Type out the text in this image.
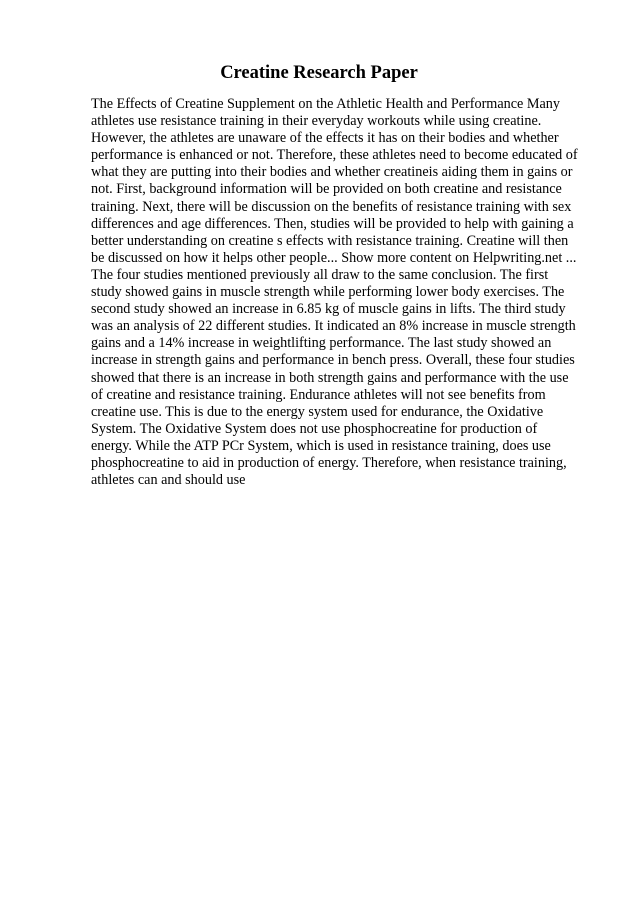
Creatine Research Paper
The Effects of Creatine Supplement on the Athletic Health and Performance Many
athletes use resistance training in their everyday workouts while using creatine.
However, the athletes are unaware of the effects it has on their bodies and whether
performance is enhanced or not. Therefore, these athletes need to become educated of
what they are putting into their bodies and whether creatineis aiding them in gains or
not. First, background information will be provided on both creatine and resistance
training. Next, there will be discussion on the benefits of resistance training with sex
differences and age differences. Then, studies will be provided to help with gaining a
better understanding on creatine s effects with resistance training. Creatine will then
be discussed on how it helps other people... Show more content on Helpwriting.net ...
The four studies mentioned previously all draw to the same conclusion. The first
study showed gains in muscle strength while performing lower body exercises. The
second study showed an increase in 6.85 kg of muscle gains in lifts. The third study
was an analysis of 22 different studies. It indicated an 8% increase in muscle strength
gains and a 14% increase in weightlifting performance. The last study showed an
increase in strength gains and performance in bench press. Overall, these four studies
showed that there is an increase in both strength gains and performance with the use
of creatine and resistance training. Endurance athletes will not see benefits from
creatine use. This is due to the energy system used for endurance, the Oxidative
System. The Oxidative System does not use phosphocreatine for production of
energy. While the ATP PCr System, which is used in resistance training, does use
phosphocreatine to aid in production of energy. Therefore, when resistance training,
athletes can and should use
